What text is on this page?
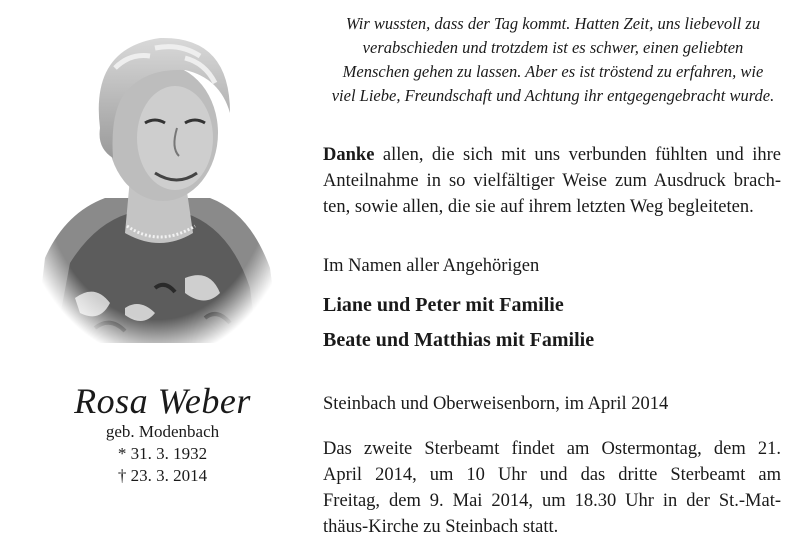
Wir wussten, dass der Tag kommt. Hatten Zeit, uns liebevoll zu
verabschieden und trotzdem ist es schwer, einen geliebten
Menschen gehen zu lassen. Aber es ist tröstend zu erfahren, wie
viel Liebe, Freundschaft und Achtung ihr entgegengebracht wurde.
Danke allen, die sich mit uns verbunden fühlten und ihre
Anteilnahme in so vielfältiger Weise zum Ausdruck brach-
ten, sowie allen, die sie auf ihrem letzten Weg begleiteten.
Im Namen aller Angehörigen
Liane und Peter mit Familie
Beate und Matthias mit Familie
Steinbach und Oberweisenborn, im April 2014
Das zweite Sterbeamt findet am Ostermontag, dem 21.
April 2014, um 10 Uhr und das dritte Sterbeamt am
Freitag, dem 9. Mai 2014, um 18.30 Uhr in der St.-Mat-
thäus-Kirche zu Steinbach statt.
Rosa Weber
geb. Modenbach
* 31. 3. 1932
† 23. 3. 2014
